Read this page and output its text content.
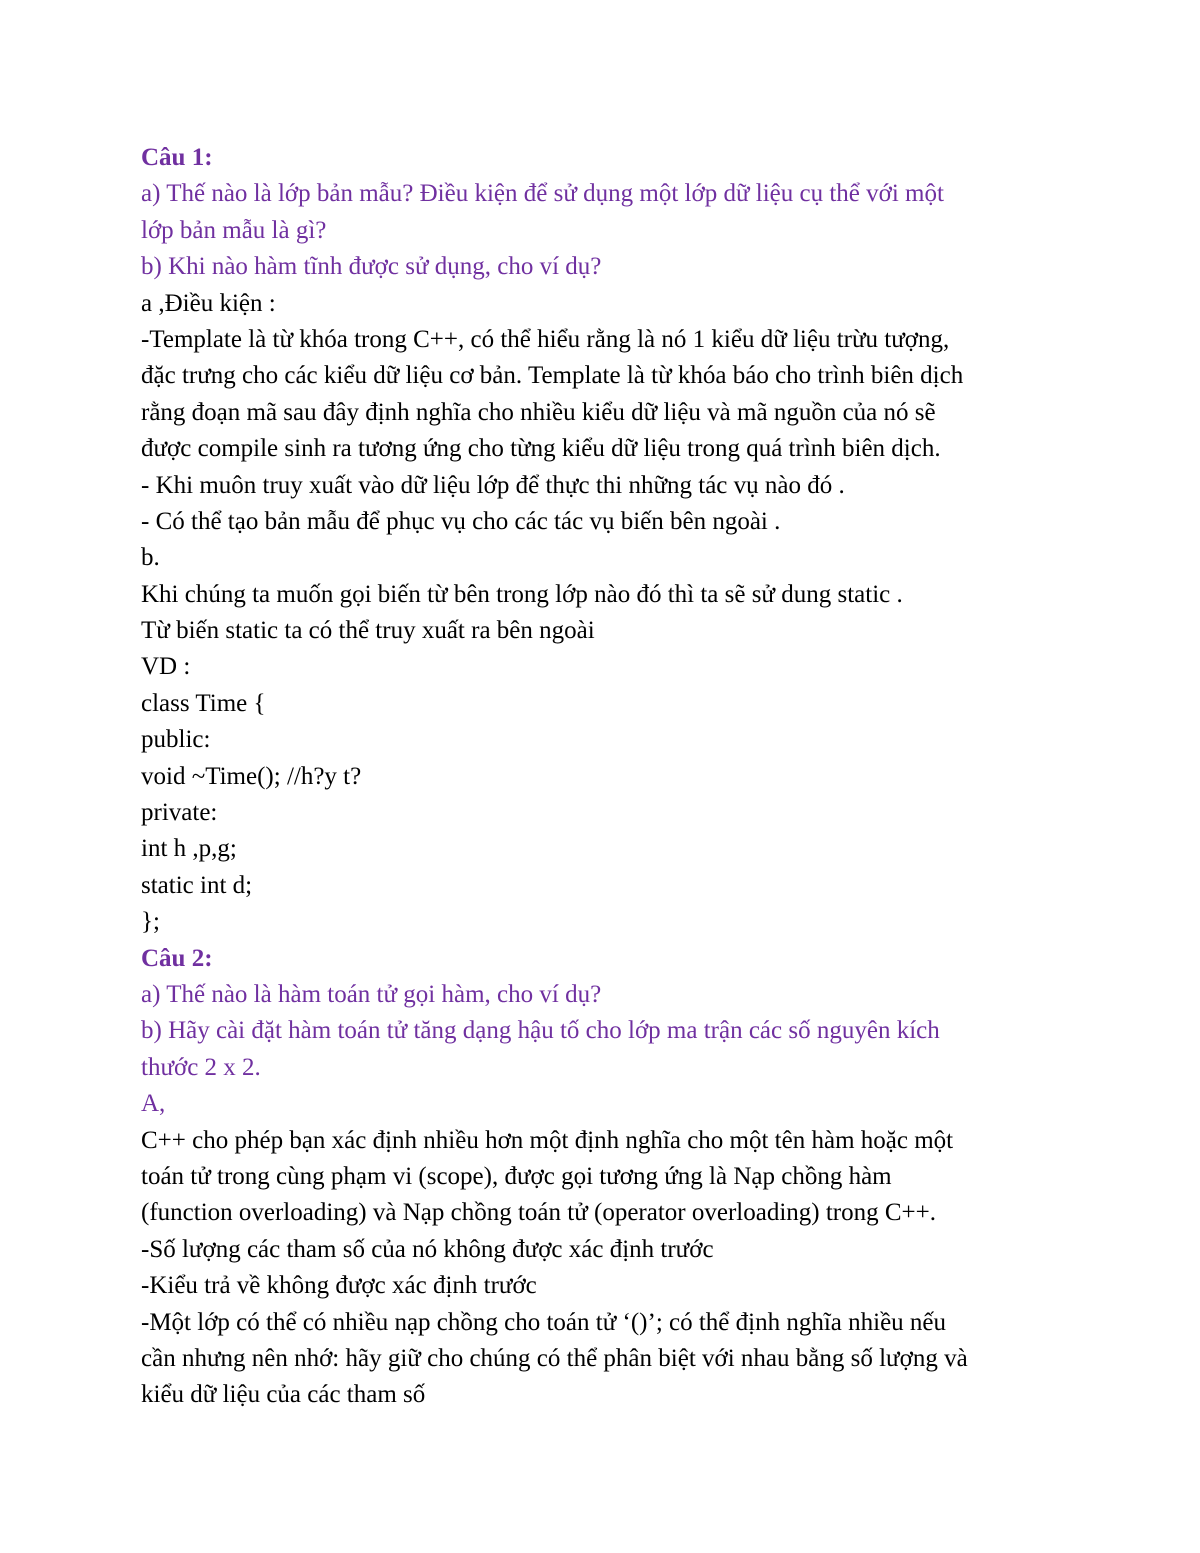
Câu 1:
a) Thế nào là lớp bản mẫu? Điều kiện để sử dụng một lớp dữ liệu cụ thể với một
lớp bản mẫu là gì?
b) Khi nào hàm tĩnh được sử dụng, cho ví dụ?
a ,Điều kiện :
-Template là từ khóa trong C++, có thể hiểu rằng là nó 1 kiểu dữ liệu trừu tượng,
đặc trưng cho các kiểu dữ liệu cơ bản. Template là từ khóa báo cho trình biên dịch
rằng đoạn mã sau đây định nghĩa cho nhiều kiểu dữ liệu và mã nguồn của nó sẽ
được compile sinh ra tương ứng cho từng kiểu dữ liệu trong quá trình biên dịch.
- Khi muôn truy xuất vào dữ liệu lớp để thực thi những tác vụ nào đó .
- Có thể tạo bản mẫu để phục vụ cho các tác vụ biến bên ngoài .
b.
Khi chúng ta muốn gọi biến từ bên trong lớp nào đó thì ta sẽ sử dung static .
Từ biến static ta có thể truy xuất ra bên ngoài
VD :
class Time {
public:
void ~Time(); //h?y t?
private:
int h ,p,g;
static int d;
};
Câu 2:
a) Thế nào là hàm toán tử gọi hàm, cho ví dụ?
b) Hãy cài đặt hàm toán tử tăng dạng hậu tố cho lớp ma trận các số nguyên kích
thước 2 x 2.
A,
C++ cho phép bạn xác định nhiều hơn một định nghĩa cho một tên hàm hoặc một
toán tử trong cùng phạm vi (scope), được gọi tương ứng là Nạp chồng hàm
(function overloading) và Nạp chồng toán tử (operator overloading) trong C++.
-Số lượng các tham số của nó không được xác định trước
-Kiểu trả về không được xác định trước
-Một lớp có thể có nhiều nạp chồng cho toán tử ‘()’; có thể định nghĩa nhiều nếu
cần nhưng nên nhớ: hãy giữ cho chúng có thể phân biệt với nhau bằng số lượng và
kiểu dữ liệu của các tham số
